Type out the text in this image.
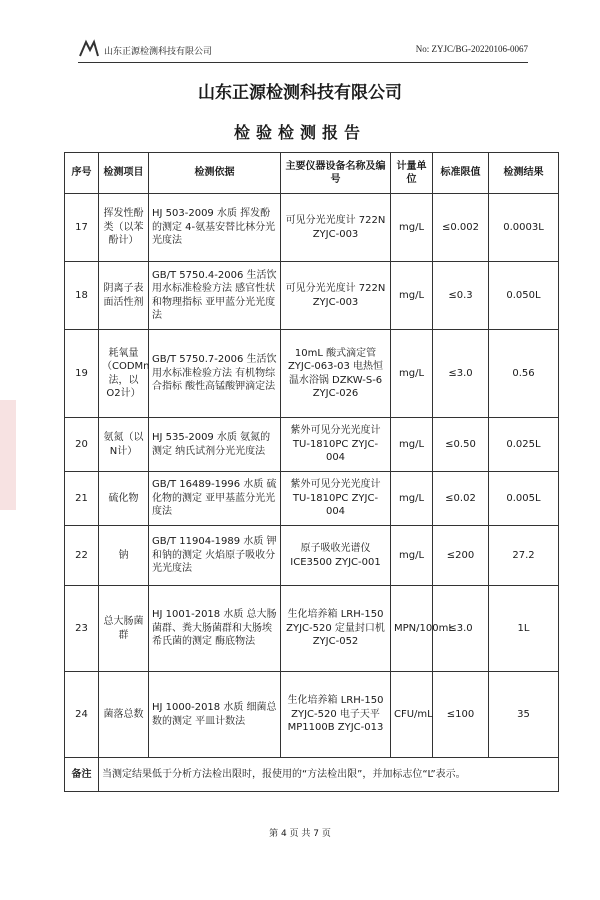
山东正源检测科技有限公司	No: ZYJC/BG-20220106-0067
山东正源检测科技有限公司
检验检测报告
序号	检测项目	检测依据	主要仪器设备名称及编号	计量单位	标准限值	检测结果
17	挥发性酚类（以苯酚计）	HJ 503-2009 水质 挥发酚的测定 4-氨基安替比林分光光度法	可见分光光度计 722N ZYJC-003	mg/L	≤0.002	0.0003L
18	阴离子表面活性剂	GB/T 5750.4-2006 生活饮用水标准检验方法 感官性状和物理指标 亚甲蓝分光光度法	可见分光光度计 722N ZYJC-003	mg/L	≤0.3	0.050L
19	耗氧量（CODMn法，以O2计）	GB/T 5750.7-2006 生活饮用水标准检验方法 有机物综合指标 酸性高锰酸钾滴定法	10mL 酸式滴定管 ZYJC-063-03 电热恒温水浴锅 DZKW-S-6 ZYJC-026	mg/L	≤3.0	0.56
20	氨氮（以N计）	HJ 535-2009 水质 氨氮的测定 纳氏试剂分光光度法	紫外可见分光光度计 TU-1810PC ZYJC-004	mg/L	≤0.50	0.025L
21	硫化物	GB/T 16489-1996 水质 硫化物的测定 亚甲基蓝分光光度法	紫外可见分光光度计 TU-1810PC ZYJC-004	mg/L	≤0.02	0.005L
22	钠	GB/T 11904-1989 水质 钾和钠的测定 火焰原子吸收分光光度法	原子吸收光谱仪 ICE3500 ZYJC-001	mg/L	≤200	27.2
23	总大肠菌群	HJ 1001-2018 水质 总大肠菌群、粪大肠菌群和大肠埃希氏菌的测定 酶底物法	生化培养箱 LRH-150 ZYJC-520 定量封口机 ZYJC-052	MPN/100mL	≤3.0	1L
24	菌落总数	HJ 1000-2018 水质 细菌总数的测定 平皿计数法	生化培养箱 LRH-150 ZYJC-520 电子天平 MP1100B ZYJC-013	CFU/mL	≤100	35
备注	当测定结果低于分析方法检出限时，报使用的“方法检出限”，并加标志位“L”表示。					
第 4 页 共 7 页
